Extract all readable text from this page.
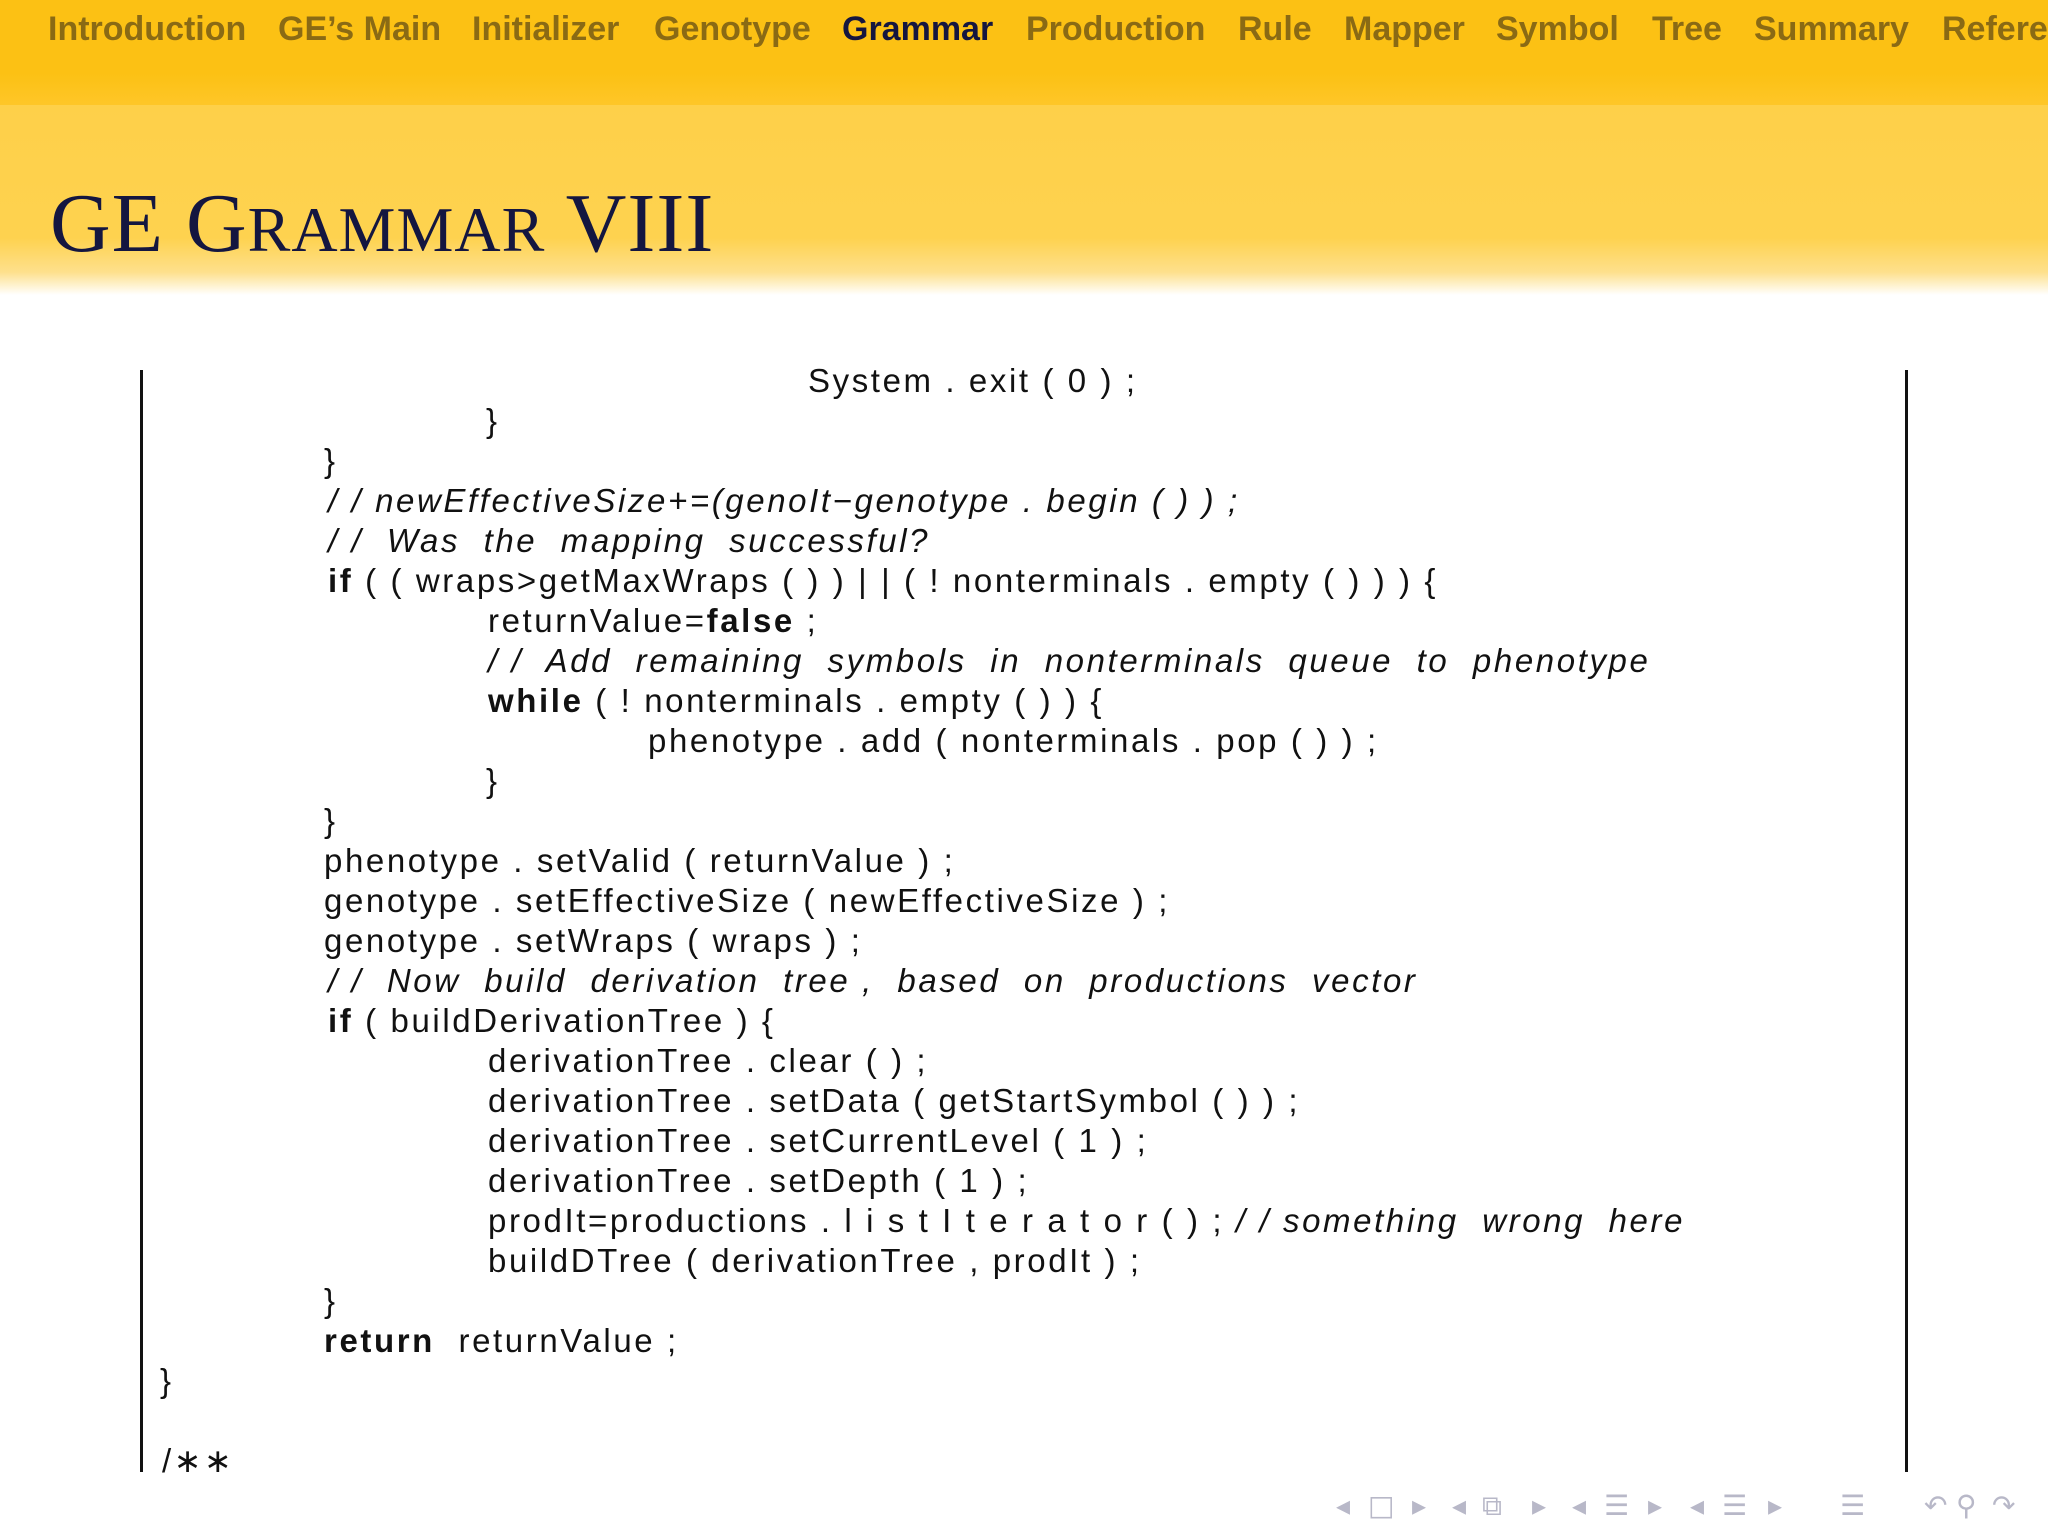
Introduction GE’s Main Initializer Genotype Grammar Production Rule Mapper Symbol Tree Summary Refere
GE GRAMMAR VIII
System . exit ( 0 ) ;
}
}
/ / newEffectiveSize+=(genoIt−genotype . begin ( ) ) ;
/ /  Was  the  mapping  successful?
if ( ( wraps>getMaxWraps ( ) ) | | ( ! nonterminals . empty ( ) ) ) {
returnValue=false ;
/ /  Add  remaining  symbols  in  nonterminals  queue  to  phenotype
while ( ! nonterminals . empty ( ) ) {
phenotype . add ( nonterminals . pop ( ) ) ;
}
}
phenotype . setValid ( returnValue ) ;
genotype . setEffectiveSize ( newEffectiveSize ) ;
genotype . setWraps ( wraps ) ;
/ /  Now  build  derivation  tree ,  based  on  productions  vector
if ( buildDerivationTree ) {
derivationTree . clear ( ) ;
derivationTree . setData ( getStartSymbol ( ) ) ;
derivationTree . setCurrentLevel ( 1 ) ;
derivationTree . setDepth ( 1 ) ;
prodIt=productions . l i s t I t e r a t o r ( ) ; / / something  wrong  here
buildDTree ( derivationTree , prodIt ) ;
}
return  returnValue ;
}
/∗∗
◂ □ ▸ ◂ ⧉ ▸ ◂ ☰ ▸ ◂ ☰ ▸ ☰ ↶ ⚲ ↷
